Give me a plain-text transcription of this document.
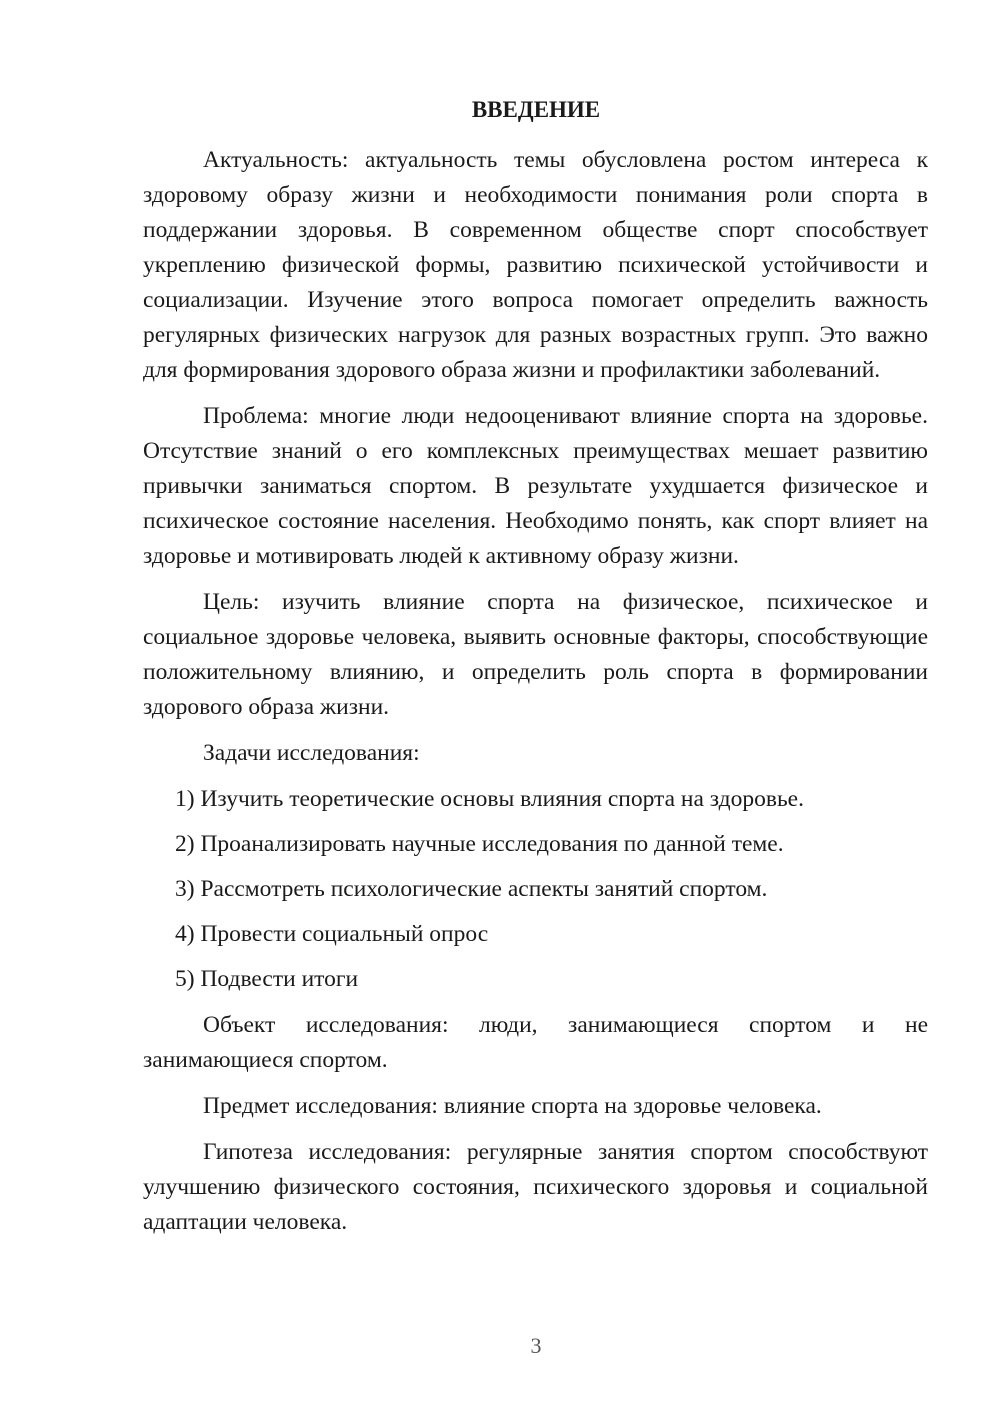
ВВЕДЕНИЕ

Актуальность: актуальность темы обусловлена ростом интереса к здоровому образу жизни и необходимости понимания роли спорта в поддержании здоровья. В современном обществе спорт способствует укреплению физической формы, развитию психической устойчивости и социализации. Изучение этого вопроса помогает определить важность регулярных физических нагрузок для разных возрастных групп. Это важно для формирования здорового образа жизни и профилактики заболеваний.

Проблема: многие люди недооценивают влияние спорта на здоровье. Отсутствие знаний о его комплексных преимуществах мешает развитию привычки заниматься спортом. В результате ухудшается физическое и психическое состояние населения. Необходимо понять, как спорт влияет на здоровье и мотивировать людей к активному образу жизни.

Цель: изучить влияние спорта на физическое, психическое и социальное здоровье человека, выявить основные факторы, способствующие положительному влиянию, и определить роль спорта в формировании здорового образа жизни.

Задачи исследования:

1) Изучить теоретические основы влияния спорта на здоровье.

2) Проанализировать научные исследования по данной теме.

3) Рассмотреть психологические аспекты занятий спортом.

4) Провести социальный опрос

5) Подвести итоги

Объект исследования: люди, занимающиеся спортом и не занимающиеся спортом.

Предмет исследования: влияние спорта на здоровье человека.

Гипотеза исследования: регулярные занятия спортом способствуют улучшению физического состояния, психического здоровья и социальной адаптации человека.

3
